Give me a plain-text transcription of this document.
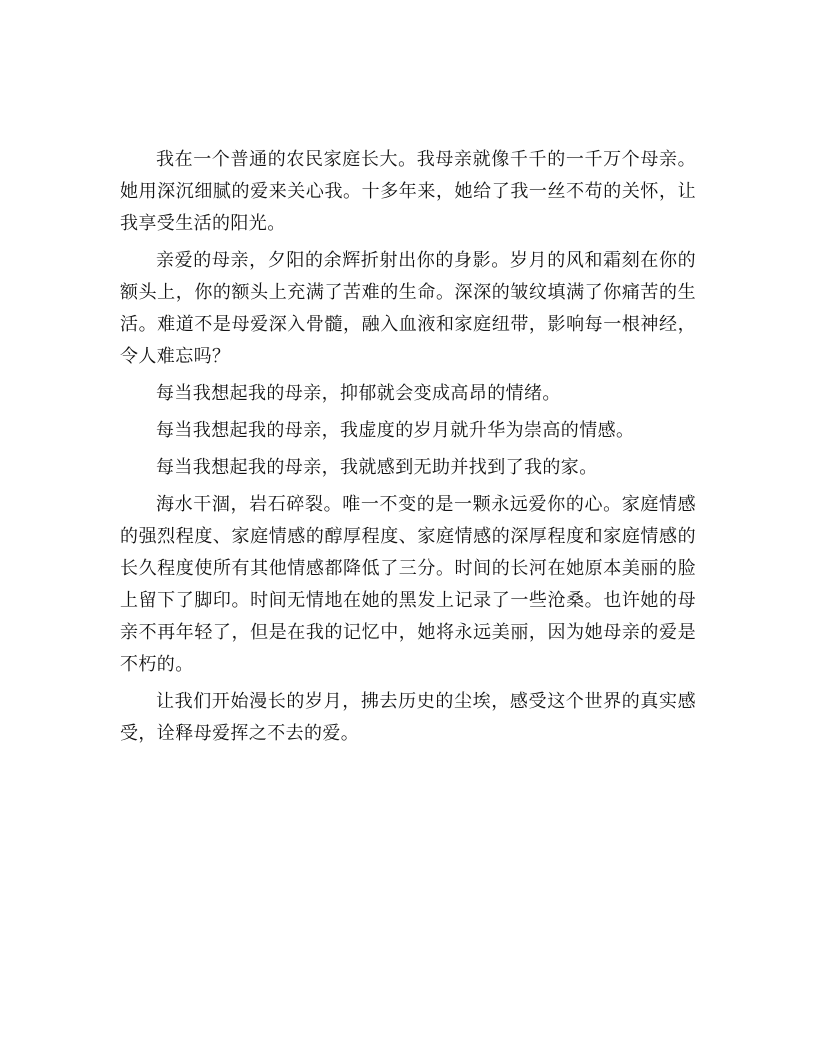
我在一个普通的农民家庭长大。我母亲就像千千的一千万个母亲。她用深沉细腻的爱来关心我。十多年来，她给了我一丝不苟的关怀，让我享受生活的阳光。

亲爱的母亲，夕阳的余辉折射出你的身影。岁月的风和霜刻在你的额头上，你的额头上充满了苦难的生命。深深的皱纹填满了你痛苦的生活。难道不是母爱深入骨髓，融入血液和家庭纽带，影响每一根神经，令人难忘吗？

每当我想起我的母亲，抑郁就会变成高昂的情绪。

每当我想起我的母亲，我虚度的岁月就升华为崇高的情感。

每当我想起我的母亲，我就感到无助并找到了我的家。

海水干涸，岩石碎裂。唯一不变的是一颗永远爱你的心。家庭情感的强烈程度、家庭情感的醇厚程度、家庭情感的深厚程度和家庭情感的长久程度使所有其他情感都降低了三分。时间的长河在她原本美丽的脸上留下了脚印。时间无情地在她的黑发上记录了一些沧桑。也许她的母亲不再年轻了，但是在我的记忆中，她将永远美丽，因为她母亲的爱是不朽的。

让我们开始漫长的岁月，拂去历史的尘埃，感受这个世界的真实感受，诠释母爱挥之不去的爱。
